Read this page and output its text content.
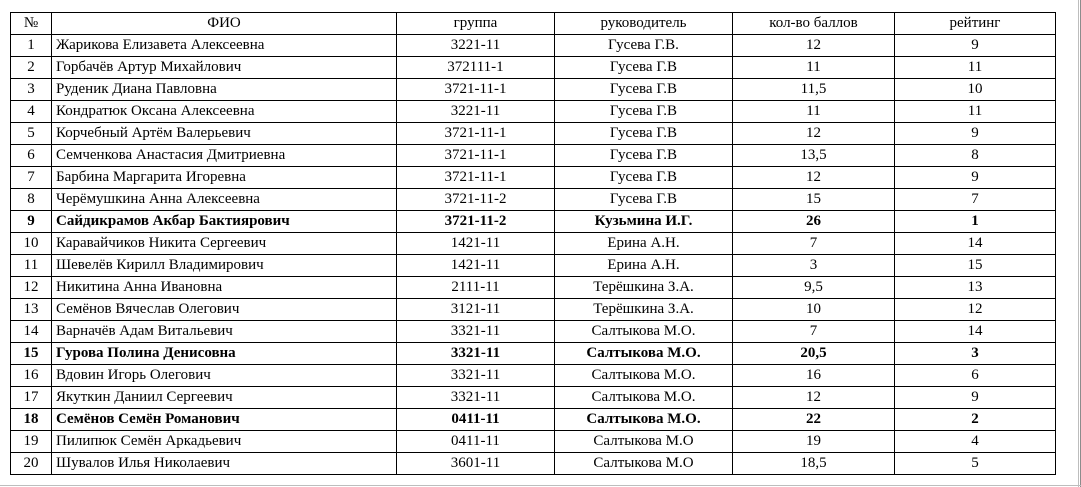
№	ФИО	группа	руководитель	кол-во баллов	рейтинг
1	Жарикова Елизавета Алексеевна	3221-11	Гусева Г.В.	12	9
2	Горбачёв Артур Михайлович	372111-1	Гусева Г.В	11	11
3	Руденик Диана Павловна	3721-11-1	Гусева Г.В	11,5	10
4	Кондратюк Оксана Алексеевна	3221-11	Гусева Г.В	11	11
5	Корчебный Артём Валерьевич	3721-11-1	Гусева Г.В	12	9
6	Семченкова Анастасия Дмитриевна	3721-11-1	Гусева Г.В	13,5	8
7	Барбина Маргарита Игоревна	3721-11-1	Гусева Г.В	12	9
8	Черёмушкина Анна Алексеевна	3721-11-2	Гусева Г.В	15	7
9	Сайдикрамов Акбар Бактиярович	3721-11-2	Кузьмина И.Г.	26	1
10	Каравайчиков Никита Сергеевич	1421-11	Ерина А.Н.	7	14
11	Шевелёв Кирилл Владимирович	1421-11	Ерина А.Н.	3	15
12	Никитина Анна Ивановна	2111-11	Терёшкина З.А.	9,5	13
13	Семёнов Вячеслав Олегович	3121-11	Терёшкина З.А.	10	12
14	Варначёв Адам Витальевич	3321-11	Салтыкова М.О.	7	14
15	Гурова Полина Денисовна	3321-11	Салтыкова М.О.	20,5	3
16	Вдовин Игорь Олегович	3321-11	Салтыкова М.О.	16	6
17	Якуткин Даниил Сергеевич	3321-11	Салтыкова М.О.	12	9
18	Семёнов Семён Романович	0411-11	Салтыкова М.О.	22	2
19	Пилипюк Семён Аркадьевич	0411-11	Салтыкова М.О	19	4
20	Шувалов Илья Николаевич	3601-11	Салтыкова М.О	18,5	5
